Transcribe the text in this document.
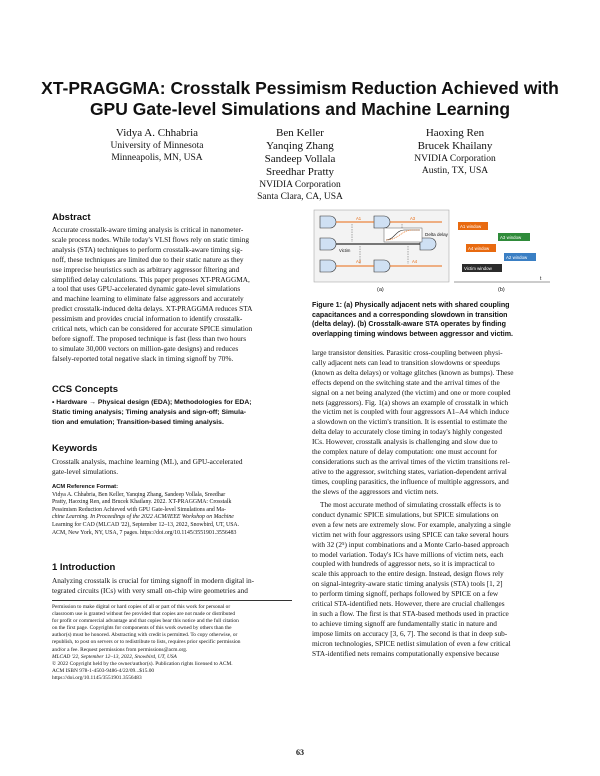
XT-PRAGGMA: Crosstalk Pessimism Reduction Achieved with
GPU Gate-level Simulations and Machine Learning
Vidya A. Chhabria
University of Minnesota
Minneapolis, MN, USA
Ben Keller
Yanqing Zhang
Sandeep Vollala
Sreedhar Pratty
NVIDIA Corporation
Santa Clara, CA, USA
Haoxing Ren
Brucek Khailany
NVIDIA Corporation
Austin, TX, USA
Abstract
Accurate crosstalk-aware timing analysis is critical in nanometer-
scale process nodes. While today's VLSI flows rely on static timing
analysis (STA) techniques to perform crosstalk-aware timing sig-
noff, these techniques are limited due to their static nature as they
use imprecise heuristics such as arbitrary aggressor filtering and
simplified delay calculations. This paper proposes XT-PRAGGMA,
a tool that uses GPU-accelerated dynamic gate-level simulations
and machine learning to eliminate false aggressors and accurately
predict crosstalk-induced delta delays. XT-PRAGGMA reduces STA
pessimism and provides crucial information to identify crosstalk-
critical nets, which can be considered for accurate SPICE simulation
before signoff. The proposed technique is fast (less than two hours
to simulate 30,000 vectors on million-gate designs) and reduces
falsely-reported total negative slack in timing signoff by 70%.
CCS Concepts
• Hardware → Physical design (EDA); Methodologies for EDA;
Static timing analysis; Timing analysis and sign-off; Simula-
tion and emulation; Transition-based timing analysis.
Keywords
Crosstalk analysis, machine learning (ML), and GPU-accelerated
gate-level simulations.
ACM Reference Format:
Vidya A. Chhabria, Ben Keller, Yanqing Zhang, Sandeep Vollala, Sreedhar
Pratty, Haoxing Ren, and Brucek Khailany. 2022. XT-PRAGGMA: Crosstalk
Pessimism Reduction Achieved with GPU Gate-level Simulations and Ma-
chine Learning. In Proceedings of the 2022 ACM/IEEE Workshop on Machine
Learning for CAD (MLCAD '22), September 12–13, 2022, Snowbird, UT, USA.
ACM, New York, NY, USA, 7 pages. https://doi.org/10.1145/3551901.3556483
1 Introduction
Analyzing crosstalk is crucial for timing signoff in modern digital in-
tegrated circuits (ICs) with very small on-chip wire geometries and
Permission to make digital or hard copies of all or part of this work for personal or
classroom use is granted without fee provided that copies are not made or distributed
for profit or commercial advantage and that copies bear this notice and the full citation
on the first page. Copyrights for components of this work owned by others than the
author(s) must be honored. Abstracting with credit is permitted. To copy otherwise, or
republish, to post on servers or to redistribute to lists, requires prior specific permission
and/or a fee. Request permissions from permissions@acm.org.
MLCAD '22, September 12–13, 2022, Snowbird, UT, USA
© 2022 Copyright held by the owner/author(s). Publication rights licensed to ACM.
ACM ISBN 978-1-4503-9486-4/22/09...$15.00
https://doi.org/10.1145/3551901.3556483
Delta delay
Victim
A1
A2
A3
A4
(a)
t
A1 window
A3 window
A4 window
A2 window
Victim window
(b)
Figure 1: (a) Physically adjacent nets with shared coupling
capacitances and a corresponding slowdown in transition
(delta delay). (b) Crosstalk-aware STA operates by finding
overlapping timing windows between aggressor and victim.
large transistor densities. Parasitic cross-coupling between physi-
cally adjacent nets can lead to transition slowdowns or speedups
(known as delta delays) or voltage glitches (known as bumps). These
effects depend on the switching state and the arrival times of the
signal on a net being analyzed (the victim) and one or more coupled
nets (aggressors). Fig. 1(a) shows an example of crosstalk in which
the victim net is coupled with four aggressors A1–A4 which induce
a slowdown on the victim's transition. It is essential to estimate the
delta delay to accurately close timing in today's highly congested
ICs. However, crosstalk analysis is challenging and slow due to
the complex nature of delay computation: one must account for
considerations such as the arrival times of the victim transitions rel-
ative to the aggressor, switching states, variation-dependent arrival
times, coupling parasitics, the influence of multiple aggressors, and
the slews of the aggressors and victim nets.
The most accurate method of simulating crosstalk effects is to
conduct dynamic SPICE simulations, but SPICE simulations on
even a few nets are extremely slow. For example, analyzing a single
victim net with four aggressors using SPICE can take several hours
with 32 (2⁵) input combinations and a Monte Carlo-based approach
to model variation. Today's ICs have millions of victim nets, each
coupled with hundreds of aggressor nets, so it is impractical to
scale this approach to the entire design. Instead, design flows rely
on signal-integrity-aware static timing analysis (STA) tools [1, 2]
to perform timing signoff, perhaps followed by SPICE on a few
critical STA-identified nets. However, there are crucial challenges
in such a flow. The first is that STA-based methods used in practice
to achieve timing signoff are fundamentally static in nature and
impose limits on accuracy [3, 6, 7]. The second is that in deep sub-
micron technologies, SPICE netlist simulation of even a few critical
STA-identified nets remains computationally expensive because
63
